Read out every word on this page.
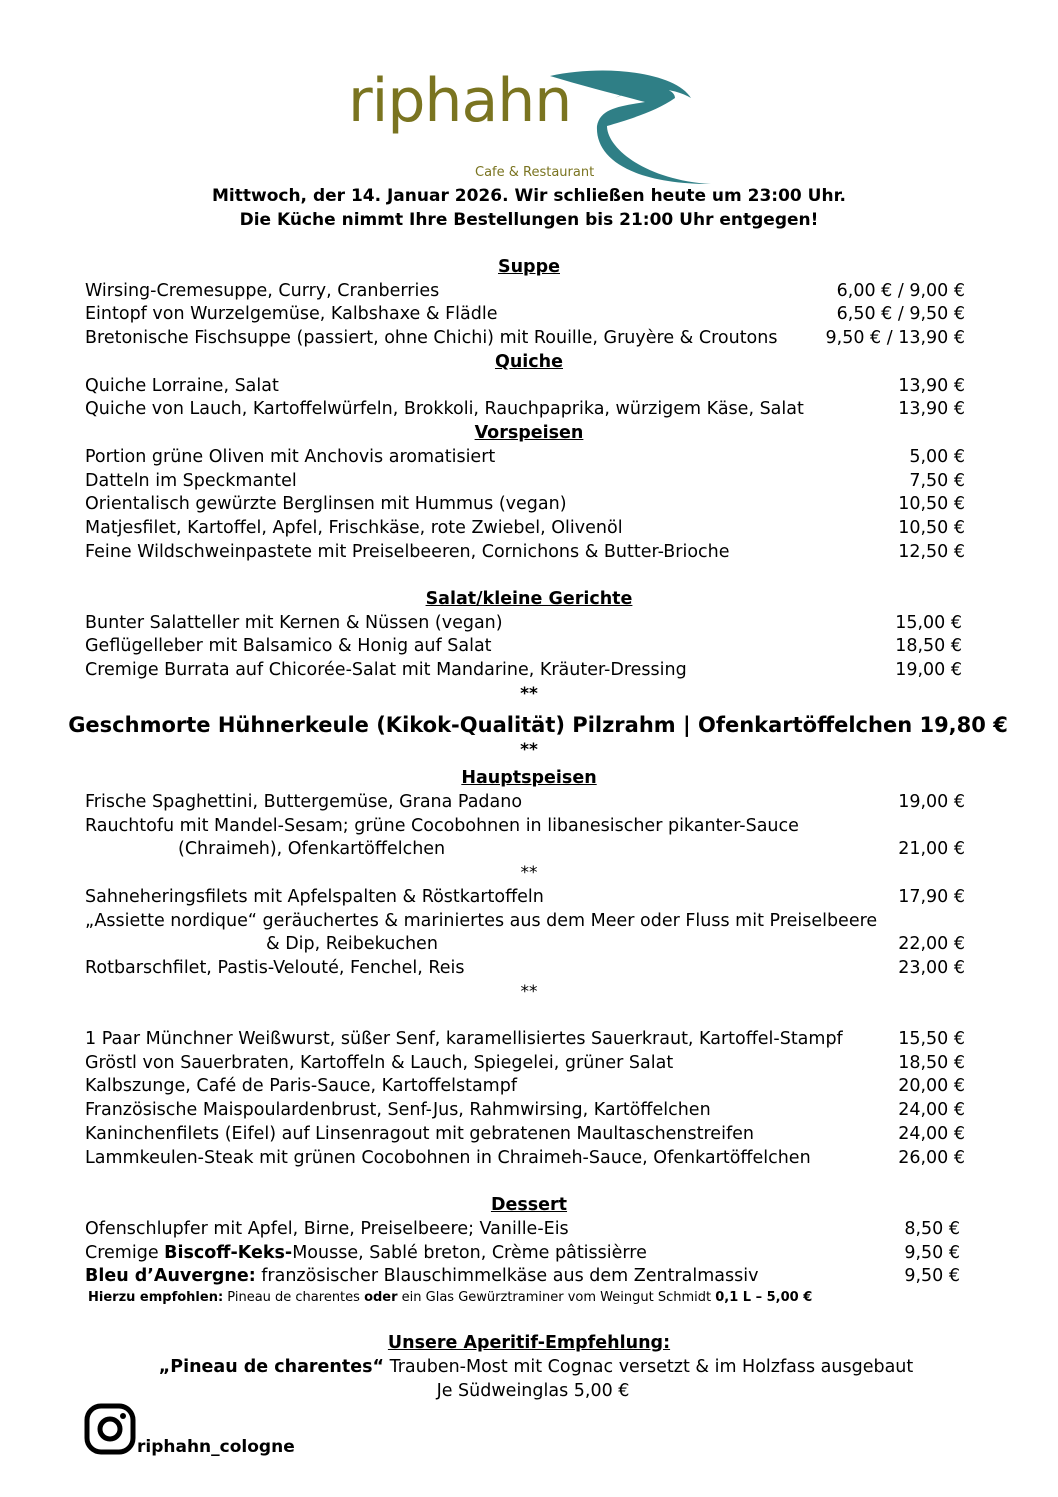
riphahn
Cafe & Restaurant
Mittwoch, der 14. Januar 2026. Wir schließen heute um 23:00 Uhr.
Die Küche nimmt Ihre Bestellungen bis 21:00 Uhr entgegen!
Suppe
Wirsing-Cremesuppe, Curry, Cranberries	6,00 € / 9,00 €
Eintopf von Wurzelgemüse, Kalbshaxe & Flädle	6,50 € / 9,50 €
Bretonische Fischsuppe (passiert, ohne Chichi) mit Rouille, Gruyère & Croutons	9,50 € / 13,90 €
Quiche
Quiche Lorraine, Salat	13,90 €
Quiche von Lauch, Kartoffelwürfeln, Brokkoli, Rauchpaprika, würzigem Käse, Salat	13,90 €
Vorspeisen
Portion grüne Oliven mit Anchovis aromatisiert	5,00 €
Datteln im Speckmantel	7,50 €
Orientalisch gewürzte Berglinsen mit Hummus (vegan)	10,50 €
Matjesfilet, Kartoffel, Apfel, Frischkäse, rote Zwiebel, Olivenöl	10,50 €
Feine Wildschweinpastete mit Preiselbeeren, Cornichons & Butter-Brioche	12,50 €
Salat/kleine Gerichte
Bunter Salatteller mit Kernen & Nüssen (vegan)	15,00 €
Geflügelleber mit Balsamico & Honig auf Salat	18,50 €
Cremige Burrata auf Chicorée-Salat mit Mandarine, Kräuter-Dressing	19,00 €
**
Geschmorte Hühnerkeule (Kikok-Qualität) Pilzrahm | Ofenkartöffelchen 19,80 €
**
Hauptspeisen
Frische Spaghettini, Buttergemüse, Grana Padano	19,00 €
Rauchtofu mit Mandel-Sesam; grüne Cocobohnen in libanesischer pikanter-Sauce
(Chraimeh), Ofenkartöffelchen	21,00 €
**
Sahneheringsfilets mit Apfelspalten & Röstkartoffeln	17,90 €
„Assiette nordique“ geräuchertes & mariniertes aus dem Meer oder Fluss mit Preiselbeere
& Dip, Reibekuchen	22,00 €
Rotbarschfilet, Pastis-Velouté, Fenchel, Reis	23,00 €
**
1 Paar Münchner Weißwurst, süßer Senf, karamellisiertes Sauerkraut, Kartoffel-Stampf	15,50 €
Gröstl von Sauerbraten, Kartoffeln & Lauch, Spiegelei, grüner Salat	18,50 €
Kalbszunge, Café de Paris-Sauce, Kartoffelstampf	20,00 €
Französische Maispoulardenbrust, Senf-Jus, Rahmwirsing, Kartöffelchen	24,00 €
Kaninchenfilets (Eifel) auf Linsenragout mit gebratenen Maultaschenstreifen	24,00 €
Lammkeulen-Steak mit grünen Cocobohnen in Chraimeh-Sauce, Ofenkartöffelchen	26,00 €
Dessert
Ofenschlupfer mit Apfel, Birne, Preiselbeere; Vanille-Eis	8,50 €
Cremige Biscoff-Keks-Mousse, Sablé breton, Crème pâtissièrre	9,50 €
Bleu d’Auvergne: französischer Blauschimmelkäse aus dem Zentralmassiv	9,50 €
Hierzu empfohlen: Pineau de charentes oder ein Glas Gewürztraminer vom Weingut Schmidt 0,1 L – 5,00 €
Unsere Aperitif-Empfehlung:
„Pineau de charentes“ Trauben-Most mit Cognac versetzt & im Holzfass ausgebaut
Je Südweinglas 5,00 €
riphahn_cologne
